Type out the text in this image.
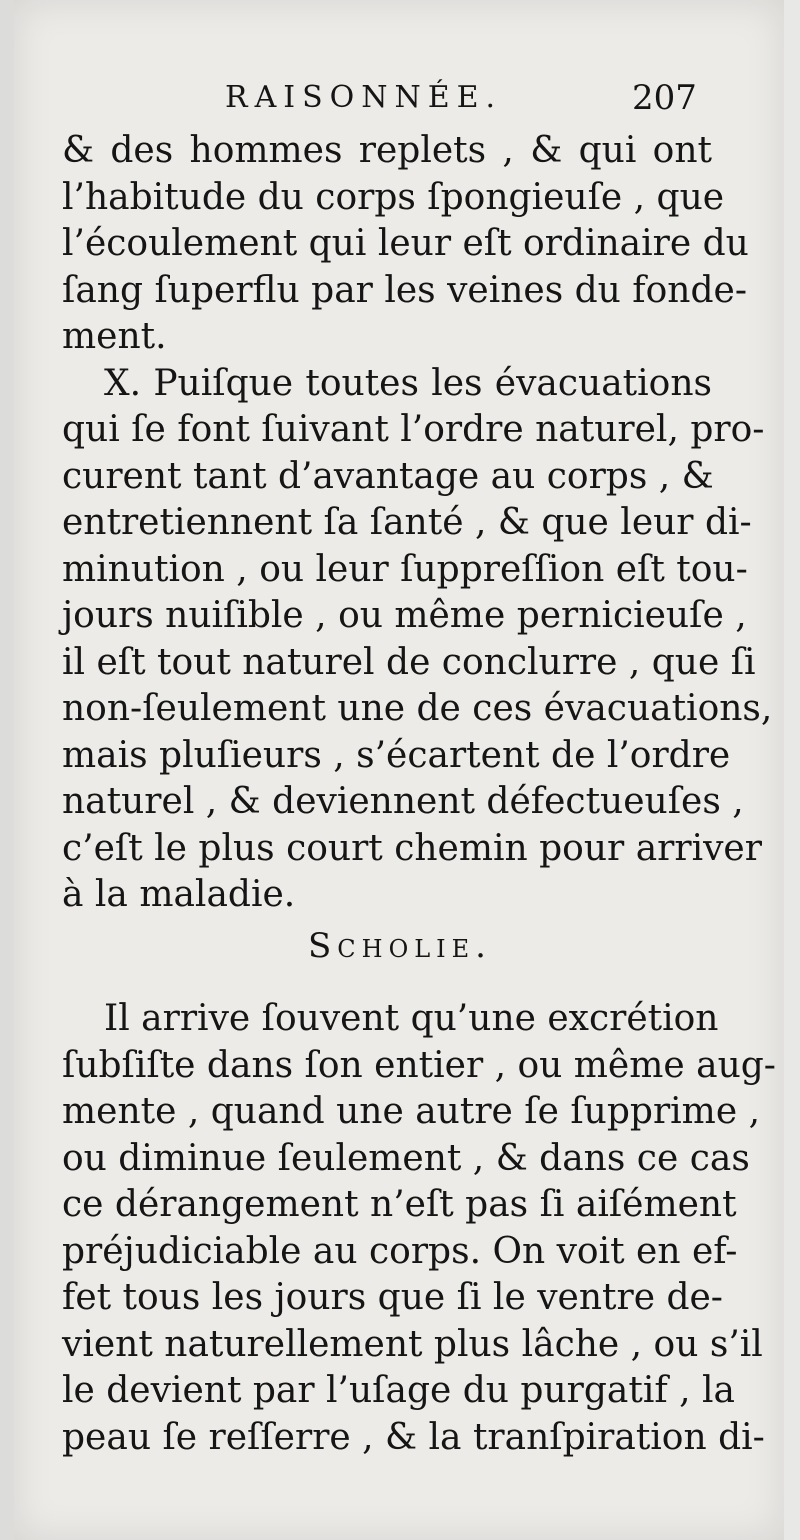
RAISONNÉE.	207
& des hommes replets , & qui ont
l’habitude du corps ſpongieuſe , que
l’écoulement qui leur eſt ordinaire du
ſang ſuperflu par les veines du fonde-
ment.
X. Puiſque toutes les évacuations
qui ſe font ſuivant l’ordre naturel, pro-
curent tant d’avantage au corps , &
entretiennent ſa ſanté , & que leur di-
minution , ou leur ſuppreſſion eſt tou-
jours nuiſible , ou même pernicieuſe ,
il eſt tout naturel de conclurre , que ſi
non-ſeulement une de ces évacuations,
mais pluſieurs , s’écartent de l’ordre
naturel , & deviennent défectueuſes ,
c’eſt le plus court chemin pour arriver
à la maladie.
Scholie.
Il arrive ſouvent qu’une excrétion
ſubſiſte dans ſon entier , ou même aug-
mente , quand une autre ſe ſupprime ,
ou diminue ſeulement , & dans ce cas
ce dérangement n’eſt pas ſi aiſément
préjudiciable au corps. On voit en ef-
fet tous les jours que ſi le ventre de-
vient naturellement plus lâche , ou s’il
le devient par l’uſage du purgatif , la
peau ſe reſſerre , & la tranſpiration di-
